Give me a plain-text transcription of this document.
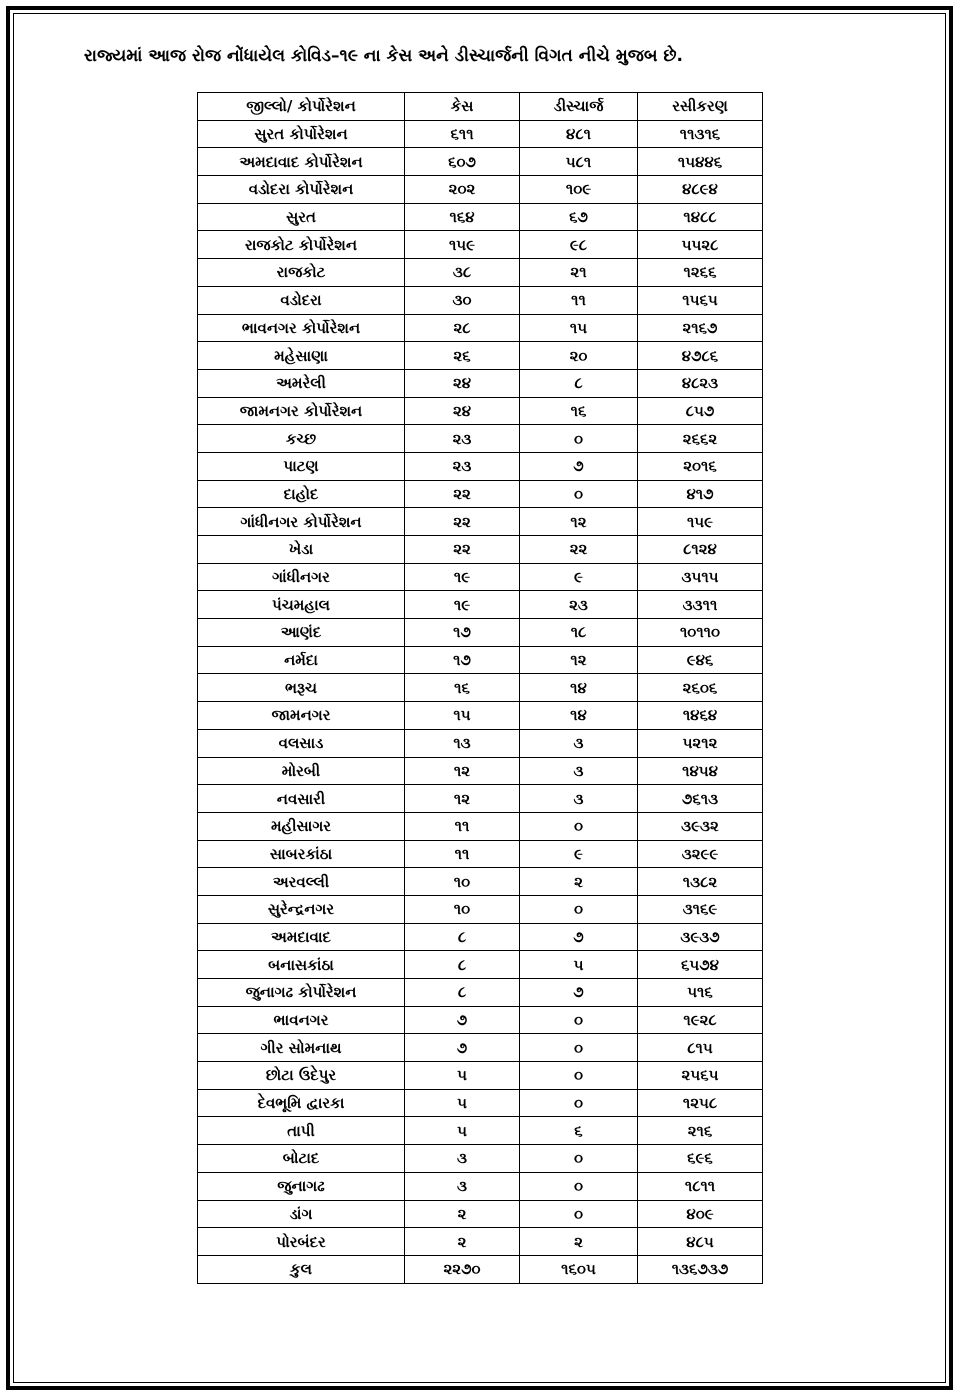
રાજ્યમાં આજ રોજ નોંધાયેલ કોવિડ–૧૯ ના કેસ અને ડીસ્ચાર્જની વિગત નીચે મુજબ છે.
જીલ્લો/ કોર્પોરેશન	કેસ	ડીસ્ચાર્જ	રસીકરણ
સુરત કોર્પોરેશન	૬૧૧	૪૮૧	૧૧૩૧૬
અમદાવાદ કોર્પોરેશન	૬૦૭	૫૮૧	૧૫૪૪૬
વડોદરા કોર્પોરેશન	૨૦૨	૧૦૯	૪૮૯૪
સુરત	૧૬૪	૬૭	૧૪૮૮
રાજકોટ કોર્પોરેશન	૧૫૯	૯૮	૫૫૨૮
રાજકોટ	૩૮	૨૧	૧૨૬૬
વડોદરા	૩૦	૧૧	૧૫૬૫
ભાવનગર કોર્પોરેશન	૨૮	૧૫	૨૧૬૭
મહેસાણા	૨૬	૨૦	૪૭૮૬
અમરેલી	૨૪	૮	૪૮૨૩
જામનગર કોર્પોરેશન	૨૪	૧૬	૮૫૭
કચ્છ	૨૩	૦	૨૬૬૨
પાટણ	૨૩	૭	૨૦૧૬
દાહોદ	૨૨	૦	૪૧૭
ગાંધીનગર કોર્પોરેશન	૨૨	૧૨	૧૫૯
ખેડા	૨૨	૨૨	૮૧૨૪
ગાંધીનગર	૧૯	૯	૩૫૧૫
પંચમહાલ	૧૯	૨૩	૩૩૧૧
આણંદ	૧૭	૧૮	૧૦૧૧૦
નર્મદા	૧૭	૧૨	૯૪૬
ભરૂચ	૧૬	૧૪	૨૬૦૬
જામનગર	૧૫	૧૪	૧૪૬૪
વલસાડ	૧૩	૩	૫૨૧૨
મોરબી	૧૨	૩	૧૪૫૪
નવસારી	૧૨	૩	૭૬૧૩
મહીસાગર	૧૧	૦	૩૯૩૨
સાબરકાંઠા	૧૧	૯	૩૨૯૯
અરવલ્લી	૧૦	૨	૧૩૮૨
સુરેન્દ્રનગર	૧૦	૦	૩૧૬૯
અમદાવાદ	૮	૭	૩૯૩૭
બનાસકાંઠા	૮	૫	૬૫૭૪
જુનાગઢ કોર્પોરેશન	૮	૭	૫૧૬
ભાવનગર	૭	૦	૧૯૨૮
ગીર સોમનાથ	૭	૦	૮૧૫
છોટા ઉદેપુર	૫	૦	૨૫૬૫
દેવભૂમિ દ્વારકા	૫	૦	૧૨૫૮
તાપી	૫	૬	૨૧૬
બોટાદ	૩	૦	૬૯૬
જુનાગઢ	૩	૦	૧૮૧૧
ડાંગ	૨	૦	૪૦૯
પોરબંદર	૨	૨	૪૮૫
કુલ	૨૨૭૦	૧૬૦૫	૧૩૬૭૩૭
